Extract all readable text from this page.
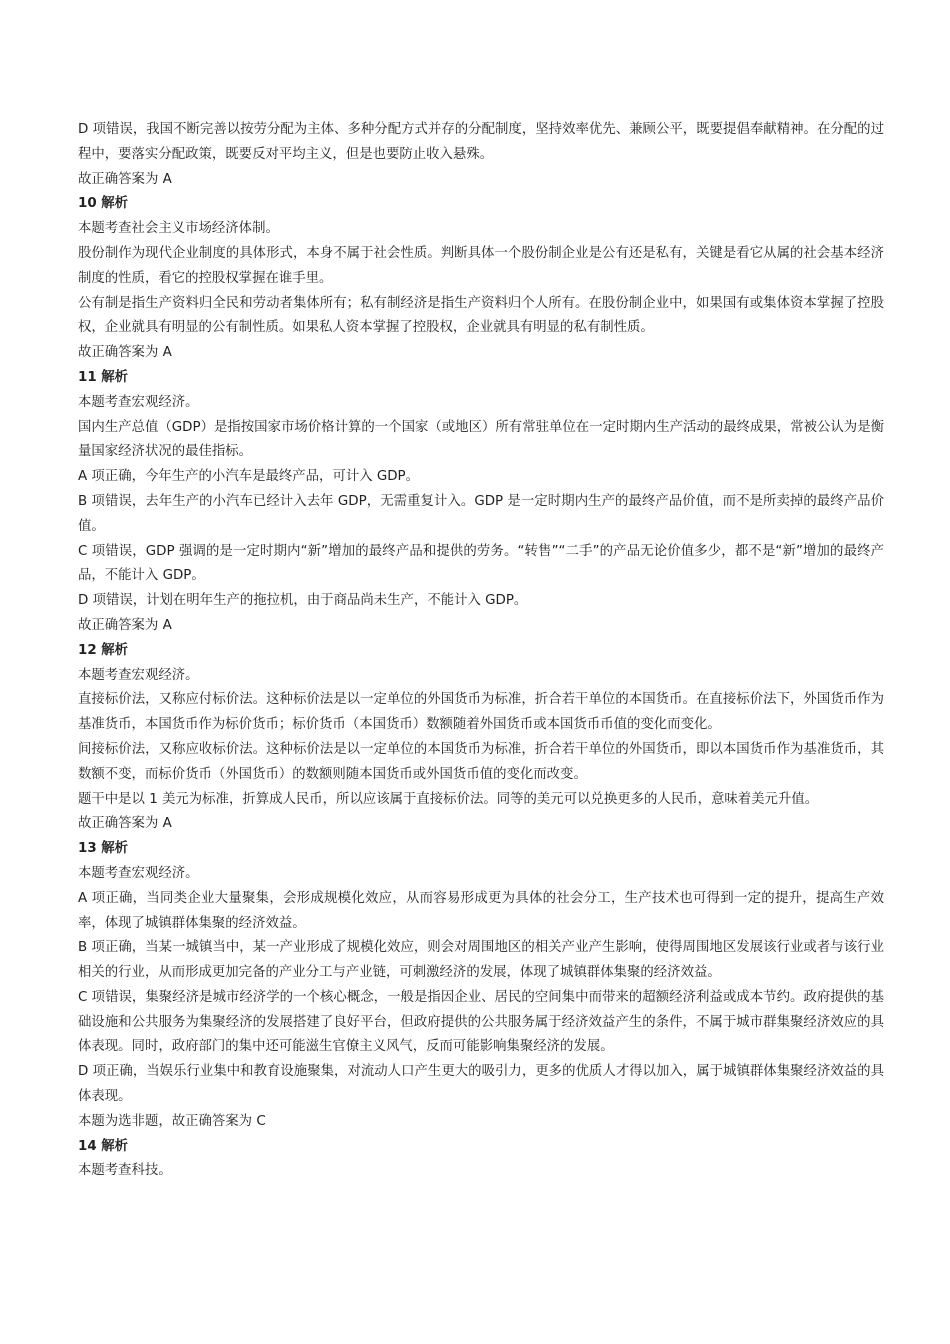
D 项错误，我国不断完善以按劳分配为主体、多种分配方式并存的分配制度，坚持效率优先、兼顾公平，既要提倡奉献精神。在分配的过程中，要落实分配政策，既要反对平均主义，但是也要防止收入悬殊。

故正确答案为 A

10 解析

本题考查社会主义市场经济体制。

股份制作为现代企业制度的具体形式，本身不属于社会性质。判断具体一个股份制企业是公有还是私有，关键是看它从属的社会基本经济制度的性质，看它的控股权掌握在谁手里。

公有制是指生产资料归全民和劳动者集体所有；私有制经济是指生产资料归个人所有。在股份制企业中，如果国有或集体资本掌握了控股权，企业就具有明显的公有制性质。如果私人资本掌握了控股权，企业就具有明显的私有制性质。

故正确答案为 A

11 解析

本题考查宏观经济。

国内生产总值（GDP）是指按国家市场价格计算的一个国家（或地区）所有常驻单位在一定时期内生产活动的最终成果，常被公认为是衡量国家经济状况的最佳指标。

A 项正确，今年生产的小汽车是最终产品，可计入 GDP。

B 项错误，去年生产的小汽车已经计入去年 GDP，无需重复计入。GDP 是一定时期内生产的最终产品价值，而不是所卖掉的最终产品价值。

C 项错误，GDP 强调的是一定时期内“新”增加的最终产品和提供的劳务。“转售”“二手”的产品无论价值多少，都不是“新”增加的最终产品，不能计入 GDP。

D 项错误，计划在明年生产的拖拉机，由于商品尚未生产，不能计入 GDP。

故正确答案为 A

12 解析

本题考查宏观经济。

直接标价法，又称应付标价法。这种标价法是以一定单位的外国货币为标准，折合若干单位的本国货币。在直接标价法下，外国货币作为基准货币，本国货币作为标价货币；标价货币（本国货币）数额随着外国货币或本国货币币值的变化而变化。

间接标价法，又称应收标价法。这种标价法是以一定单位的本国货币为标准，折合若干单位的外国货币，即以本国货币作为基准货币，其数额不变，而标价货币（外国货币）的数额则随本国货币或外国货币值的变化而改变。

题干中是以 1 美元为标准，折算成人民币，所以应该属于直接标价法。同等的美元可以兑换更多的人民币，意味着美元升值。

故正确答案为 A

13 解析

本题考查宏观经济。

A 项正确，当同类企业大量聚集，会形成规模化效应，从而容易形成更为具体的社会分工，生产技术也可得到一定的提升，提高生产效率，体现了城镇群体集聚的经济效益。

B 项正确，当某一城镇当中，某一产业形成了规模化效应，则会对周围地区的相关产业产生影响，使得周围地区发展该行业或者与该行业相关的行业，从而形成更加完备的产业分工与产业链，可刺激经济的发展，体现了城镇群体集聚的经济效益。

C 项错误，集聚经济是城市经济学的一个核心概念，一般是指因企业、居民的空间集中而带来的超额经济利益或成本节约。政府提供的基础设施和公共服务为集聚经济的发展搭建了良好平台，但政府提供的公共服务属于经济效益产生的条件，不属于城市群集聚经济效应的具体表现。同时，政府部门的集中还可能滋生官僚主义风气，反而可能影响集聚经济的发展。

D 项正确，当娱乐行业集中和教育设施聚集，对流动人口产生更大的吸引力，更多的优质人才得以加入，属于城镇群体集聚经济效益的具体表现。

本题为选非题，故正确答案为 C

14 解析

本题考查科技。
